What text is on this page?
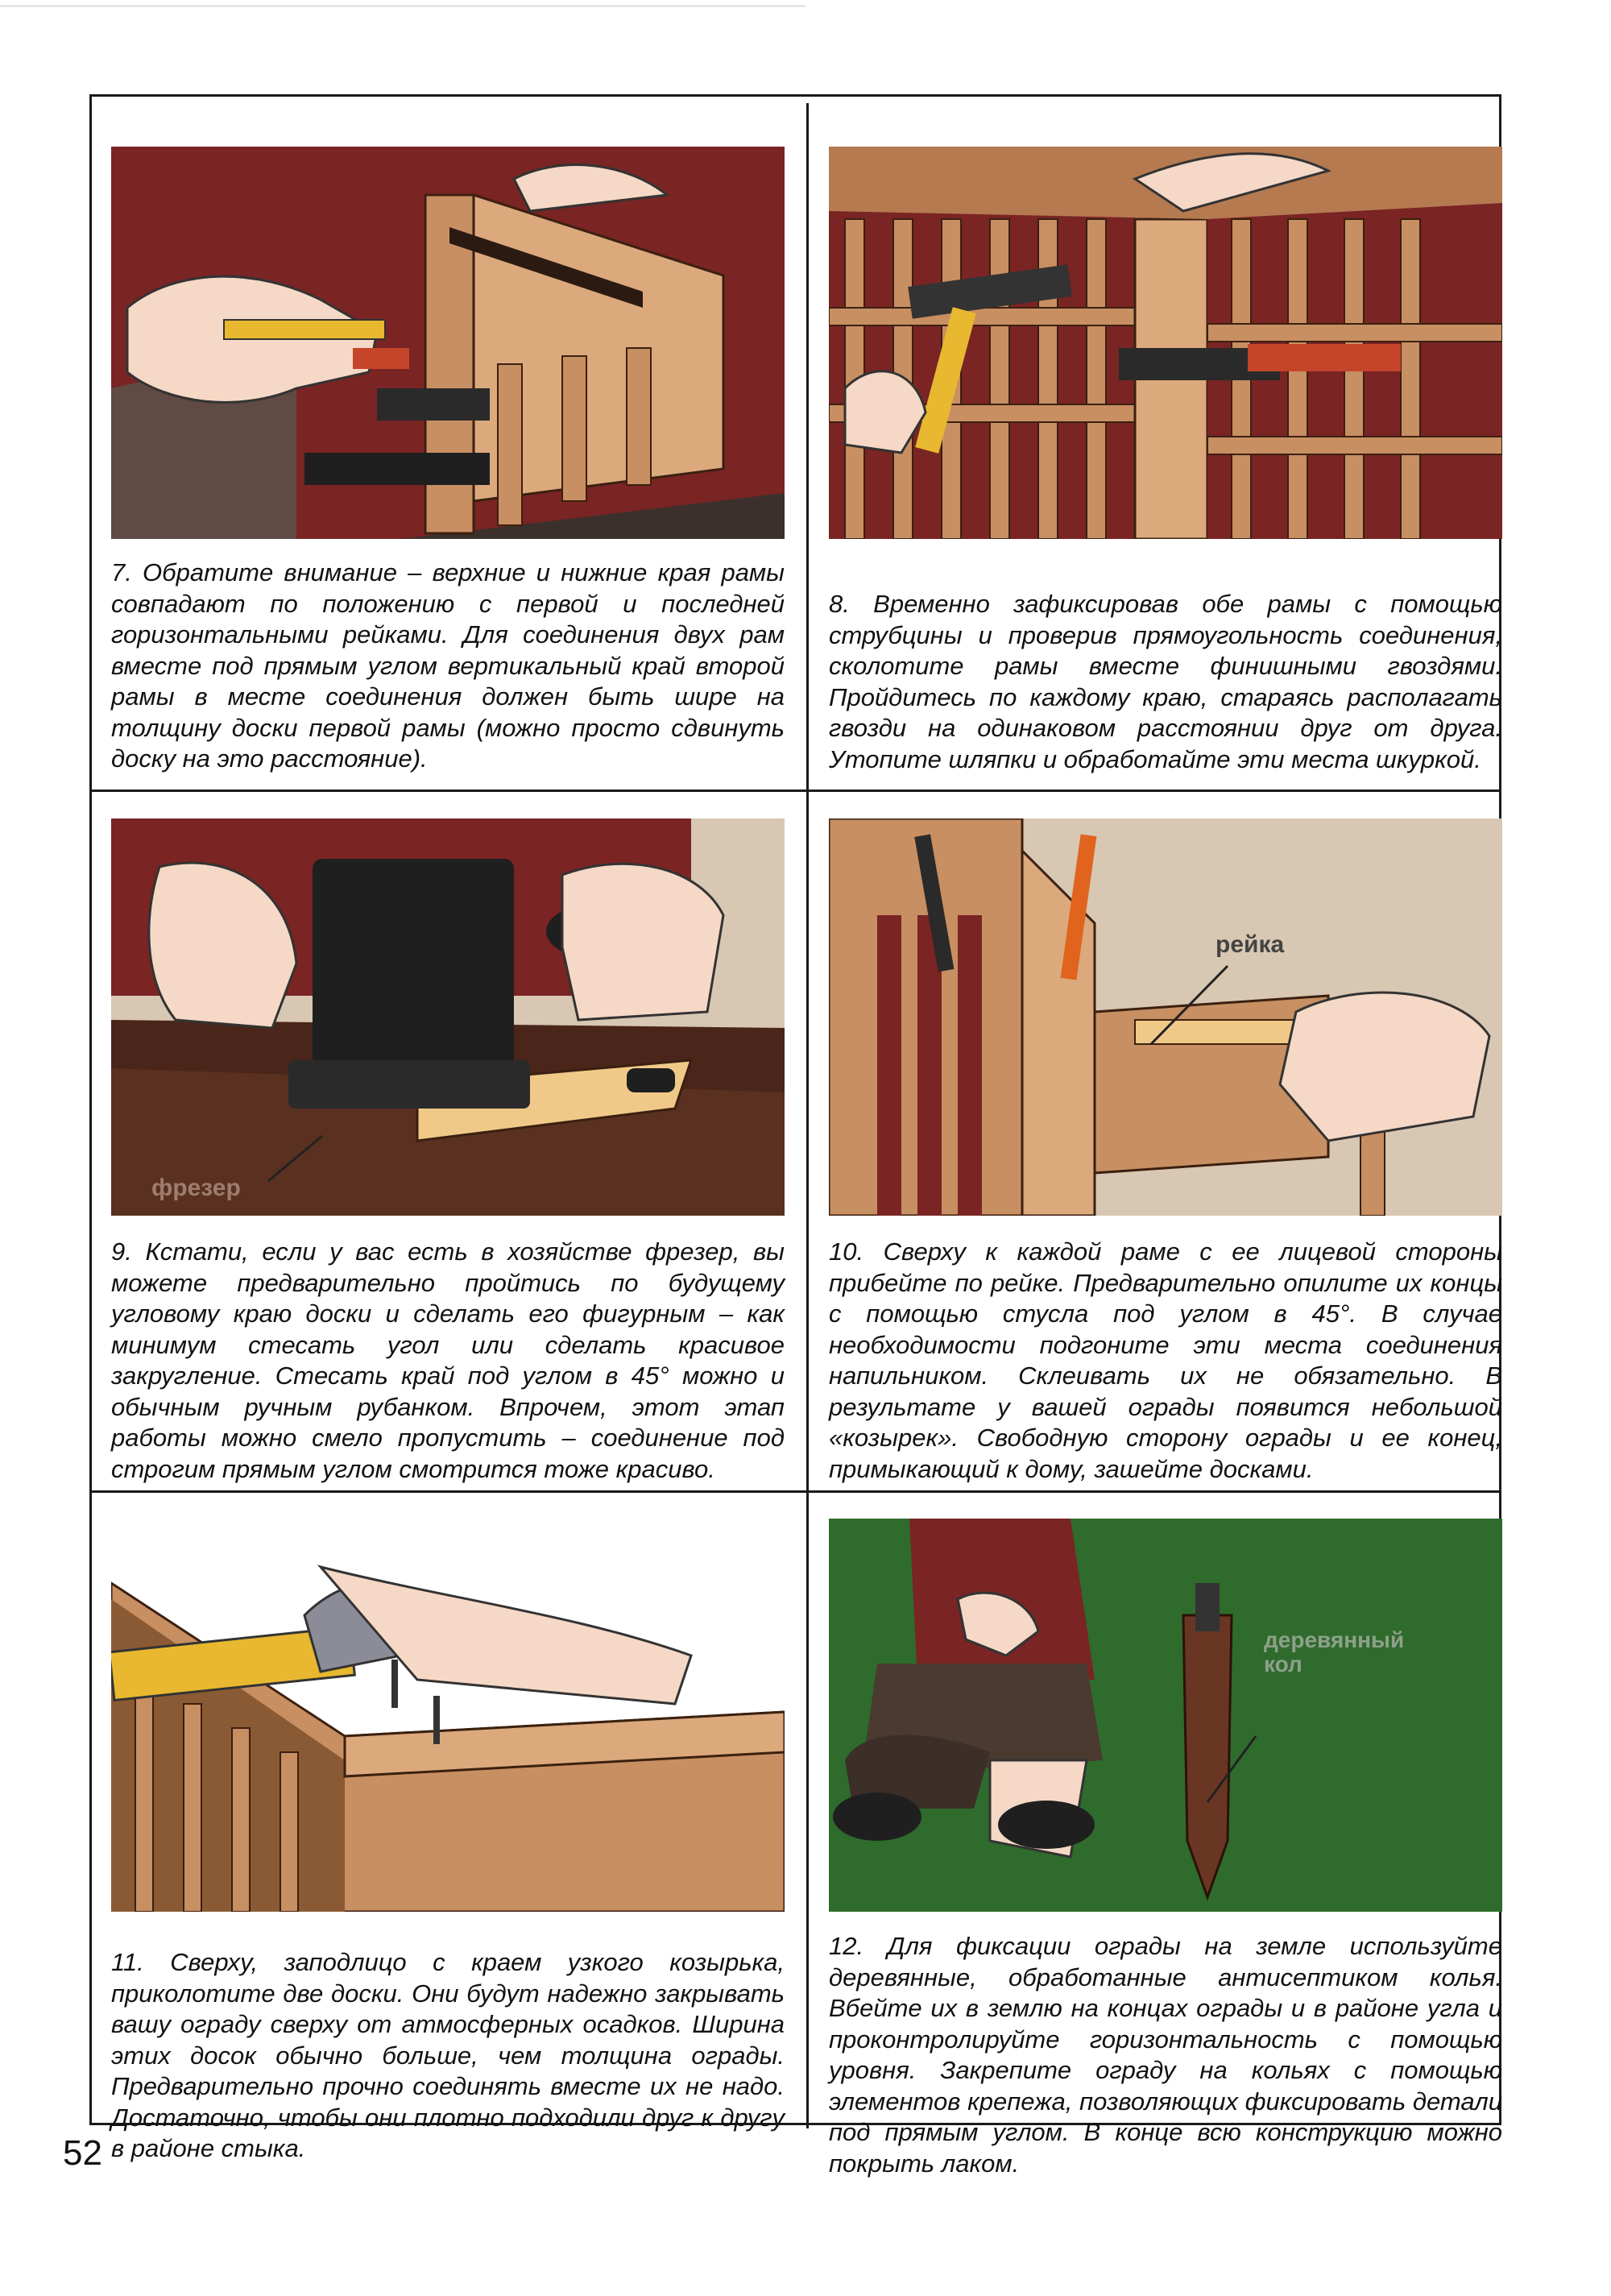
7. Обратите внимание – верхние и нижние края рамы совпадают по положению с первой и последней горизонтальными рейками. Для соединения двух рам вместе под прямым углом вертикальный край второй рамы в месте соединения должен быть шире на толщину доски первой рамы (можно просто сдвинуть доску на это расстояние).

8. Временно зафиксировав обе рамы с помощью струбцины и проверив прямоугольность соединения, сколотите рамы вместе финишными гвоздями. Пройдитесь по каждому краю, стараясь располагать гвозди на одинаковом расстоянии друг от друга. Утопите шляпки и обработайте эти места шкуркой.

фрезер

9. Кстати, если у вас есть в хозяйстве фрезер, вы можете предварительно пройтись по будущему угловому краю доски и сделать его фигурным – как минимум стесать угол или сделать красивое закругление. Стесать край под углом в 45° можно и обычным ручным рубанком. Впрочем, этот этап работы можно смело пропустить – соединение под строгим прямым углом смотрится тоже красиво.

рейка

10. Сверху к каждой раме с ее лицевой стороны прибейте по рейке. Предварительно опилите их концы с помощью стусла под углом в 45°. В случае необходимости подгоните эти места соединения напильником. Склеивать их не обязательно. В результате у вашей ограды появится небольшой «козырек». Свободную сторону ограды и ее конец, примыкающий к дому, зашейте досками.

11. Сверху, заподлицо с краем узкого козырька, приколотите две доски. Они будут надежно закрывать вашу ограду сверху от атмосферных осадков. Ширина этих досок обычно больше, чем толщина ограды. Предварительно прочно соединять вместе их не надо. Достаточно, чтобы они плотно подходили друг к другу в районе стыка.

деревянный
кол

12. Для фиксации ограды на земле используйте деревянные, обработанные антисептиком колья. Вбейте их в землю на концах ограды и в районе угла и проконтролируйте горизонтальность с помощью уровня. Закрепите ограду на кольях с помощью элементов крепежа, позволяющих фиксировать детали под прямым углом. В конце всю конструкцию можно покрыть лаком.

52
